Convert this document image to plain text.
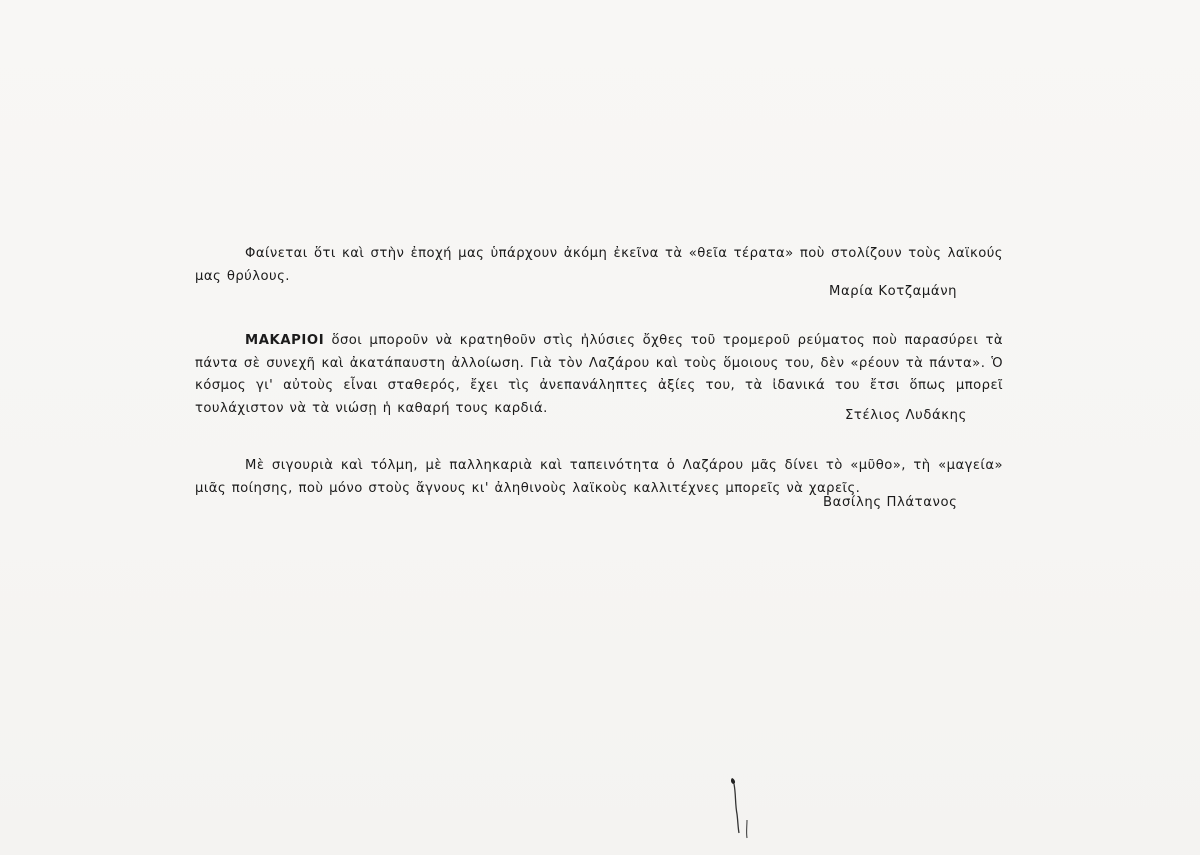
Φαίνεται ὅτι καὶ στὴν ἐποχή μας ὑπάρχουν ἀκόμη ἐκεῖνα τὰ «θεῖα τέρατα» ποὺ στολίζουν τοὺς λαϊκούς μας θρύλους.

Μαρία Κοτζαμάνη

ΜΑΚΑΡΙΟΙ ὅσοι μποροῦν νὰ κρατηθοῦν στὶς ἠλύσιες ὄχθες τοῦ τρομεροῦ ρεύματος ποὺ παρασύρει τὰ πάντα σὲ συνεχῆ καὶ ἀκατάπαυστη ἀλλοίωση. Γιὰ τὸν Λαζάρου καὶ τοὺς ὅμοιους του, δὲν «ρέουν τὰ πάντα». Ὁ κόσμος γι' αὐτοὺς εἶναι σταθερός, ἔχει τὶς ἀνεπανάληπτες ἀξίες του, τὰ ἰδανικά του ἔτσι ὅπως μπορεῖ τουλάχιστον νὰ τὰ νιώσῃ ἡ καθαρή τους καρδιά.	Στέλιος Λυδάκης

Μὲ σιγουριὰ καὶ τόλμη, μὲ παλληκαριὰ καὶ ταπεινότητα ὁ Λαζάρου μᾶς δίνει τὸ «μῦθο», τὴ «μαγεία» μιᾶς ποίησης, ποὺ μόνο στοὺς ἄγνους κι' ἀληθινοὺς λαϊκοὺς καλλιτέχνες μπορεῖς νὰ χαρεῖς.

Βασίλης Πλάτανος
